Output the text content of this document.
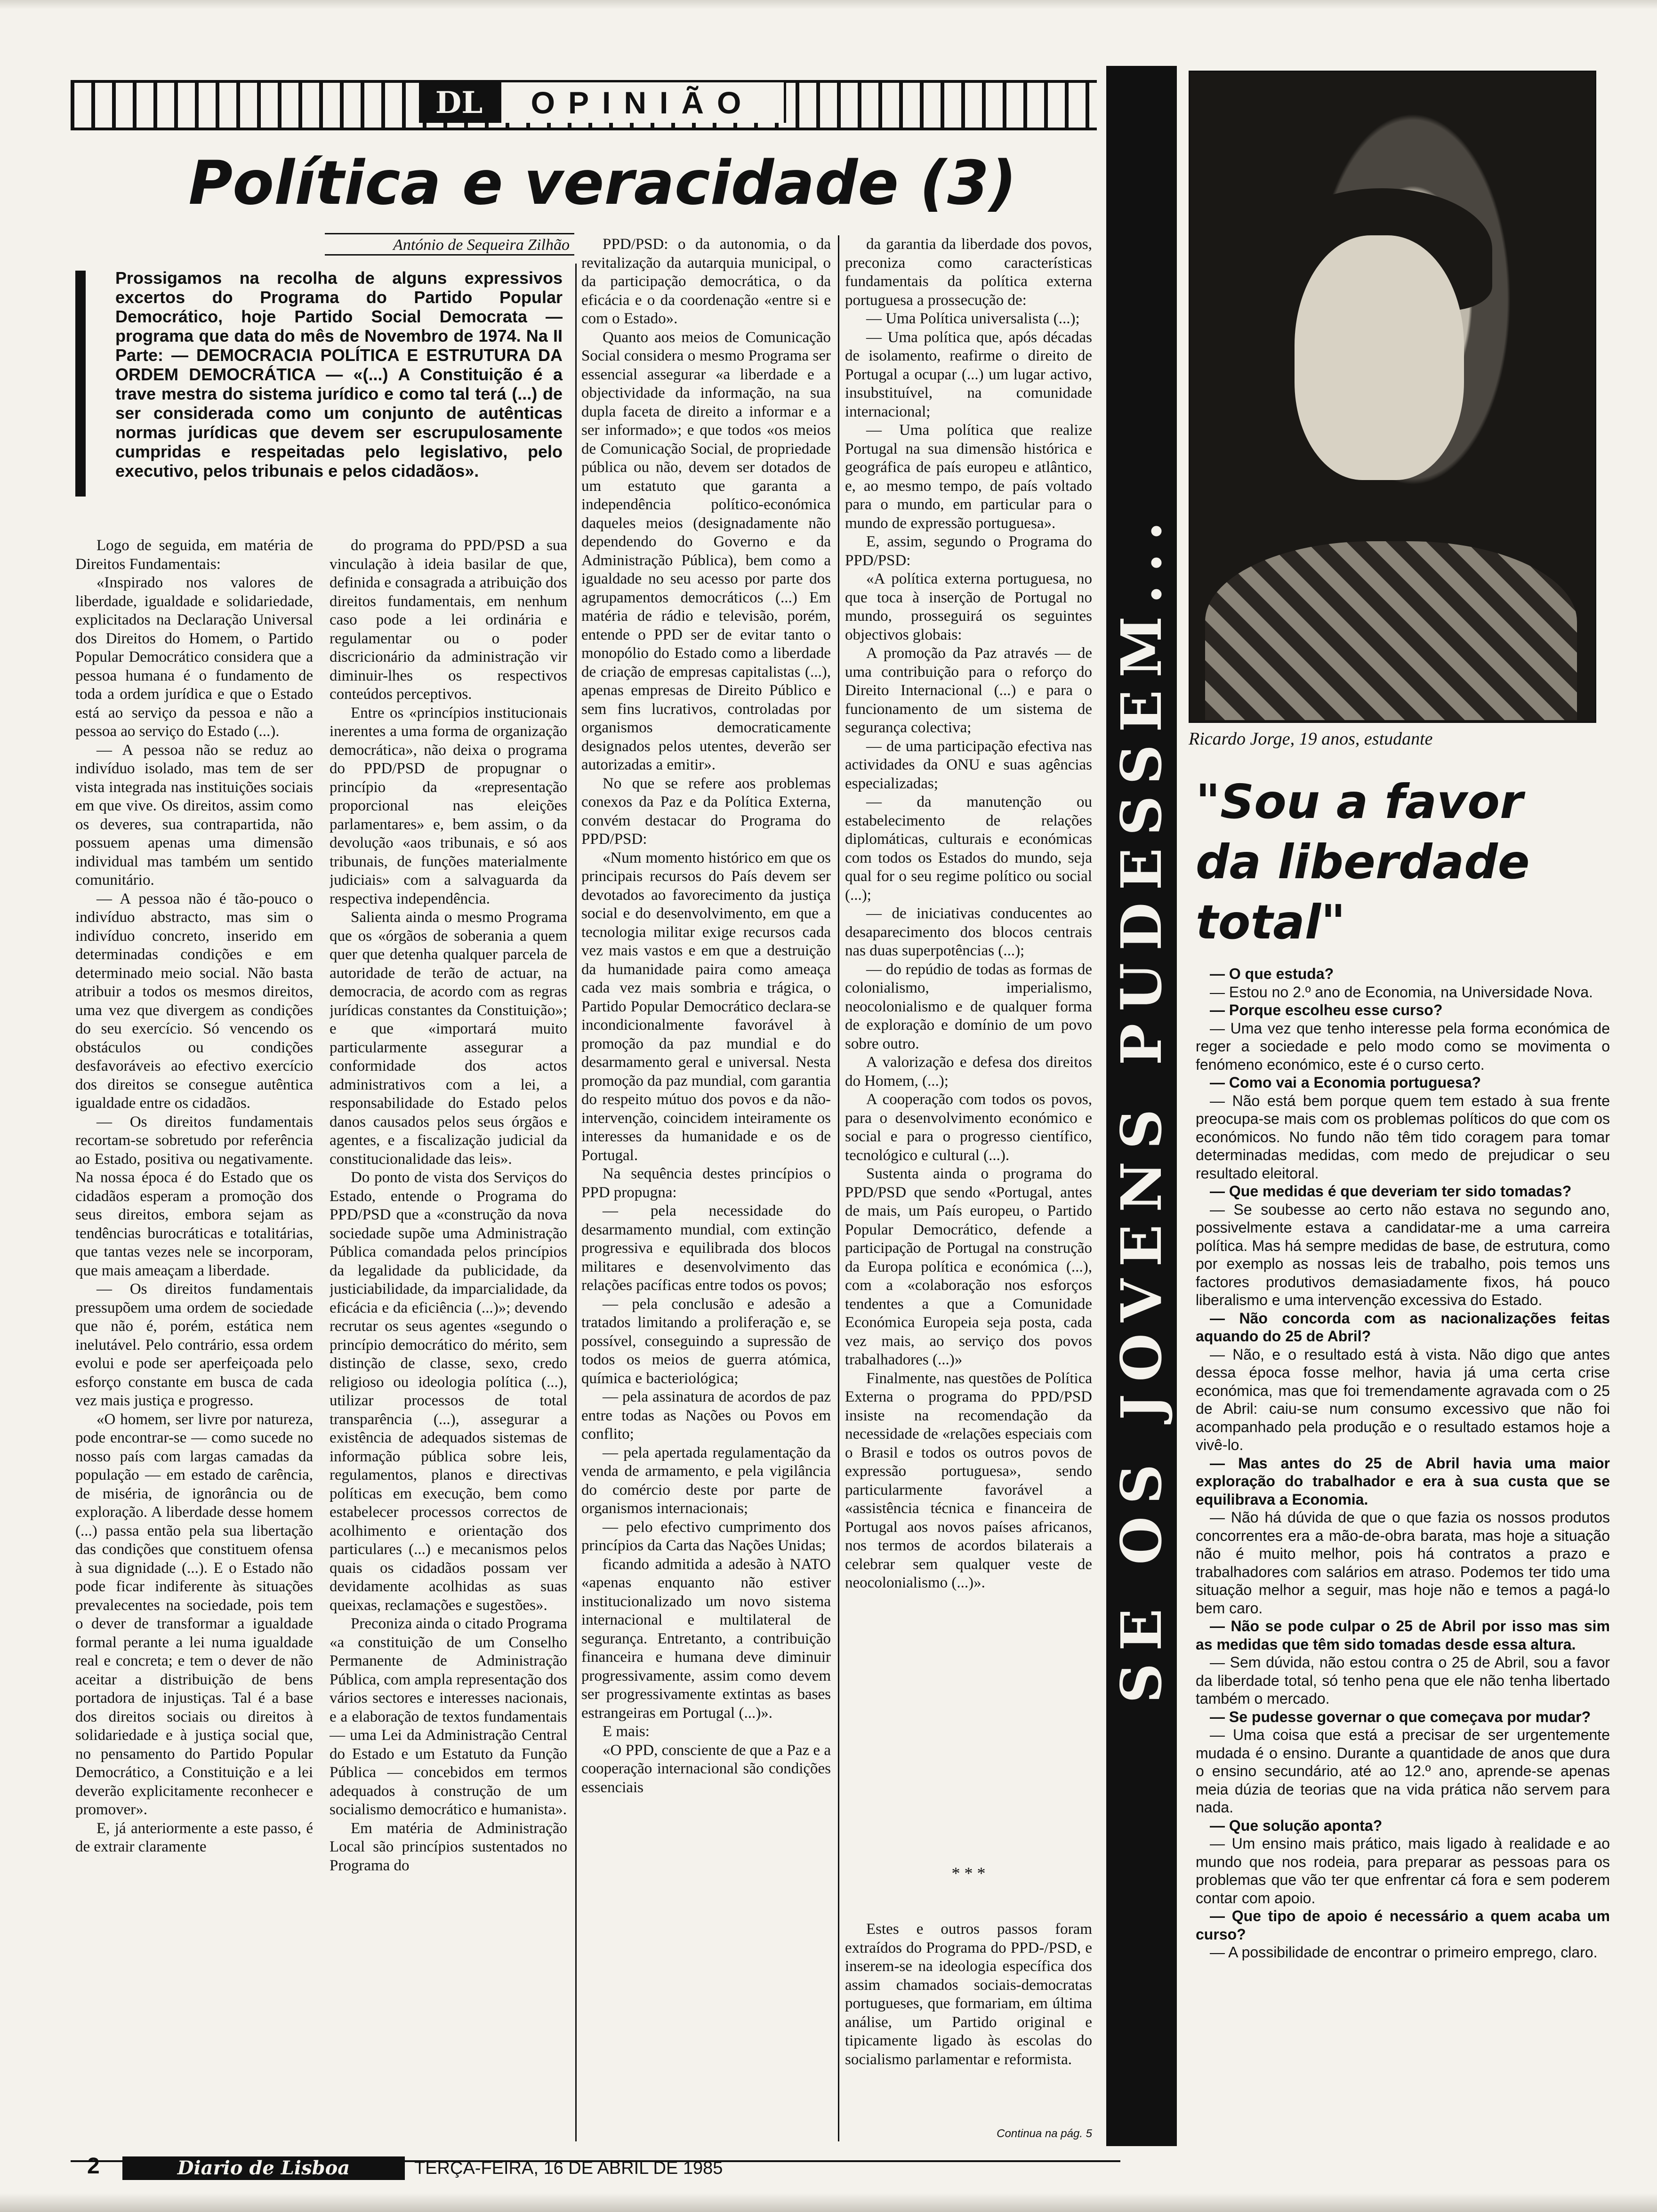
DL	OPINIÃO
Política e veracidade (3)
António de Sequeira Zilhão

Prossigamos na recolha de alguns expressivos excertos do Programa do Partido Popular Democrático, hoje Partido Social Democrata — programa que data do mês de Novembro de 1974. Na II Parte: — DEMOCRACIA POLÍTICA E ESTRUTURA DA ORDEM DEMOCRÁTICA — «(...) A Constituição é a trave mestra do sistema jurídico e como tal terá (...) de ser considerada como um conjunto de autênticas normas jurídicas que devem ser escrupulosamente cumpridas e respeitadas pelo legislativo, pelo executivo, pelos tribunais e pelos cidadãos».

Logo de seguida, em matéria de Direitos Fundamentais:

«Inspirado nos valores de liberdade, igualdade e solidariedade, explicitados na Declaração Universal dos Direitos do Homem, o Partido Popular Democrático considera que a pessoa humana é o fundamento de toda a ordem jurídica e que o Estado está ao serviço da pessoa e não a pessoa ao serviço do Estado (...).

— A pessoa não se reduz ao indivíduo isolado, mas tem de ser vista integrada nas instituições sociais em que vive. Os direitos, assim como os deveres, sua contrapartida, não possuem apenas uma dimensão individual mas também um sentido comunitário.

— A pessoa não é tão-pouco o indivíduo abstracto, mas sim o indivíduo concreto, inserido em determinadas condições e em determinado meio social. Não basta atribuir a todos os mesmos direitos, uma vez que divergem as condições do seu exercício. Só vencendo os obstáculos ou condições desfavoráveis ao efectivo exercício dos direitos se consegue autêntica igualdade entre os cidadãos.

— Os direitos fundamentais recortam-se sobretudo por referência ao Estado, positiva ou negativamente. Na nossa época é do Estado que os cidadãos esperam a promoção dos seus direitos, embora sejam as tendências burocráticas e totalitárias, que tantas vezes nele se incorporam, que mais ameaçam a liberdade.

— Os direitos fundamentais pressupõem uma ordem de sociedade que não é, porém, estática nem inelutável. Pelo contrário, essa ordem evolui e pode ser aperfeiçoada pelo esforço constante em busca de cada vez mais justiça e progresso.

«O homem, ser livre por natureza, pode encontrar-se — como sucede no nosso país com largas camadas da população — em estado de carência, de miséria, de ignorância ou de exploração. A liberdade desse homem (...) passa então pela sua libertação das condições que constituem ofensa à sua dignidade (...). E o Estado não pode ficar indiferente às situações prevalecentes na sociedade, pois tem o dever de transformar a igualdade formal perante a lei numa igualdade real e concreta; e tem o dever de não aceitar a distribuição de bens portadora de injustiças. Tal é a base dos direitos sociais ou direitos à solidariedade e à justiça social que, no pensamento do Partido Popular Democrático, a Constituição e a lei deverão explicitamente reconhecer e promover».

E, já anteriormente a este passo, é de extrair claramente

do programa do PPD/PSD a sua vinculação à ideia basilar de que, definida e consagrada a atribuição dos direitos fundamentais, em nenhum caso pode a lei ordinária e regulamentar ou o poder discricionário da administração vir diminuir-lhes os respectivos conteúdos perceptivos.

Entre os «princípios institucionais inerentes a uma forma de organização democrática», não deixa o programa do PPD/PSD de propugnar o princípio da «representação proporcional nas eleições parlamentares» e, bem assim, o da devolução «aos tribunais, e só aos tribunais, de funções materialmente judiciais» com a salvaguarda da respectiva independência.

Salienta ainda o mesmo Programa que os «órgãos de soberania a quem quer que detenha qualquer parcela de autoridade de terão de actuar, na democracia, de acordo com as regras jurídicas constantes da Constituição»; e que «importará muito particularmente assegurar a conformidade dos actos administrativos com a lei, a responsabilidade do Estado pelos danos causados pelos seus órgãos e agentes, e a fiscalização judicial da constitucionalidade das leis».

Do ponto de vista dos Serviços do Estado, entende o Programa do PPD/PSD que a «construção da nova sociedade supõe uma Administração Pública comandada pelos princípios da legalidade da publicidade, da justiciabilidade, da imparcialidade, da eficácia e da eficiência (...)»; devendo recrutar os seus agentes «segundo o princípio democrático do mérito, sem distinção de classe, sexo, credo religioso ou ideologia política (...), utilizar processos de total transparência (...), assegurar a existência de adequados sistemas de informação pública sobre leis, regulamentos, planos e directivas políticas em execução, bem como estabelecer processos correctos de acolhimento e orientação dos particulares (...) e mecanismos pelos quais os cidadãos possam ver devidamente acolhidas as suas queixas, reclamações e sugestões».

Preconiza ainda o citado Programa «a constituição de um Conselho Permanente de Administração Pública, com ampla representação dos vários sectores e interesses nacionais, e a elaboração de textos fundamentais — uma Lei da Administração Central do Estado e um Estatuto da Função Pública — concebidos em termos adequados à construção de um socialismo democrático e humanista».

Em matéria de Administração Local são princípios sustentados no Programa do

PPD/PSD: o da autonomia, o da revitalização da autarquia municipal, o da participação democrática, o da eficácia e o da coordenação «entre si e com o Estado».

Quanto aos meios de Comunicação Social considera o mesmo Programa ser essencial assegurar «a liberdade e a objectividade da informação, na sua dupla faceta de direito a informar e a ser informado»; e que todos «os meios de Comunicação Social, de propriedade pública ou não, devem ser dotados de um estatuto que garanta a independência político-económica daqueles meios (designadamente não dependendo do Governo e da Administração Pública), bem como a igualdade no seu acesso por parte dos agrupamentos democráticos (...) Em matéria de rádio e televisão, porém, entende o PPD ser de evitar tanto o monopólio do Estado como a liberdade de criação de empresas capitalistas (...), apenas empresas de Direito Público e sem fins lucrativos, controladas por organismos democraticamente designados pelos utentes, deverão ser autorizadas a emitir».

No que se refere aos problemas conexos da Paz e da Política Externa, convém destacar do Programa do PPD/PSD:

«Num momento histórico em que os principais recursos do País devem ser devotados ao favorecimento da justiça social e do desenvolvimento, em que a tecnologia militar exige recursos cada vez mais vastos e em que a destruição da humanidade paira como ameaça cada vez mais sombria e trágica, o Partido Popular Democrático declara-se incondicionalmente favorável à promoção da paz mundial e do desarmamento geral e universal. Nesta promoção da paz mundial, com garantia do respeito mútuo dos povos e da não-intervenção, coincidem inteiramente os interesses da humanidade e os de Portugal.

Na sequência destes princípios o PPD propugna:

— pela necessidade do desarmamento mundial, com extinção progressiva e equilibrada dos blocos militares e desenvolvimento das relações pacíficas entre todos os povos;

— pela conclusão e adesão a tratados limitando a proliferação e, se possível, conseguindo a supressão de todos os meios de guerra atómica, química e bacteriológica;

— pela assinatura de acordos de paz entre todas as Nações ou Povos em conflito;

— pela apertada regulamentação da venda de armamento, e pela vigilância do comércio deste por parte de organismos internacionais;

— pelo efectivo cumprimento dos princípios da Carta das Nações Unidas;

ficando admitida a adesão à NATO «apenas enquanto não estiver institucionalizado um novo sistema internacional e multilateral de segurança. Entretanto, a contribuição financeira e humana deve diminuir progressivamente, assim como devem ser progressivamente extintas as bases estrangeiras em Portugal (...)».

E mais:

«O PPD, consciente de que a Paz e a cooperação internacional são condições essenciais

da garantia da liberdade dos povos, preconiza como características fundamentais da política externa portuguesa a prossecução de:

— Uma Política universalista (...);

— Uma política que, após décadas de isolamento, reafirme o direito de Portugal a ocupar (...) um lugar activo, insubstituível, na comunidade internacional;

— Uma política que realize Portugal na sua dimensão histórica e geográfica de país europeu e atlântico, e, ao mesmo tempo, de país voltado para o mundo, em particular para o mundo de expressão portuguesa».

E, assim, segundo o Programa do PPD/PSD:

«A política externa portuguesa, no que toca à inserção de Portugal no mundo, prosseguirá os seguintes objectivos globais:

A promoção da Paz através — de uma contribuição para o reforço do Direito Internacional (...) e para o funcionamento de um sistema de segurança colectiva;

— de uma participação efectiva nas actividades da ONU e suas agências especializadas;

— da manutenção ou estabelecimento de relações diplomáticas, culturais e económicas com todos os Estados do mundo, seja qual for o seu regime político ou social (...);

— de iniciativas conducentes ao desaparecimento dos blocos centrais nas duas superpotências (...);

— do repúdio de todas as formas de colonialismo, imperialismo, neocolonialismo e de qualquer forma de exploração e domínio de um povo sobre outro.

A valorização e defesa dos direitos do Homem, (...);

A cooperação com todos os povos, para o desenvolvimento económico e social e para o progresso científico, tecnológico e cultural (...).

Sustenta ainda o programa do PPD/PSD que sendo «Portugal, antes de mais, um País europeu, o Partido Popular Democrático, defende a participação de Portugal na construção da Europa política e económica (...), com a «colaboração nos esforços tendentes a que a Comunidade Económica Europeia seja posta, cada vez mais, ao serviço dos povos trabalhadores (...)»

Finalmente, nas questões de Política Externa o programa do PPD/PSD insiste na recomendação da necessidade de «relações especiais com o Brasil e todos os outros povos de expressão portuguesa», sendo particularmente favorável a «assistência técnica e financeira de Portugal aos novos países africanos, nos termos de acordos bilaterais a celebrar sem qualquer veste de neocolonialismo (...)».

* * *

Estes e outros passos foram extraídos do Programa do PPD-/PSD, e inserem-se na ideologia específica dos assim chamados sociais-democratas portugueses, que formariam, em última análise, um Partido original e tipicamente ligado às escolas do socialismo parlamentar e reformista.

Continua na pág. 5
SE OS JOVENS PUDESSEM... Ricardo Jorge, 19 anos, estudante
"Sou a favor da liberdade total"

— O que estuda?

— Estou no 2.º ano de Economia, na Universidade Nova.

— Porque escolheu esse curso?

— Uma vez que tenho interesse pela forma económica de reger a sociedade e pelo modo como se movimenta o fenómeno económico, este é o curso certo.

— Como vai a Economia portuguesa?

— Não está bem porque quem tem estado à sua frente preocupa-se mais com os problemas políticos do que com os económicos. No fundo não têm tido coragem para tomar determinadas medidas, com medo de prejudicar o seu resultado eleitoral.

— Que medidas é que deveriam ter sido tomadas?

— Se soubesse ao certo não estava no segundo ano, possivelmente estava a candidatar-me a uma carreira política. Mas há sempre medidas de base, de estrutura, como por exemplo as nossas leis de trabalho, pois temos uns factores produtivos demasiadamente fixos, há pouco liberalismo e uma intervenção excessiva do Estado.

— Não concorda com as nacionalizações feitas aquando do 25 de Abril?

— Não, e o resultado está à vista. Não digo que antes dessa época fosse melhor, havia já uma certa crise económica, mas que foi tremendamente agravada com o 25 de Abril: caiu-se num consumo excessivo que não foi acompanhado pela produção e o resultado estamos hoje a vivê-lo.

— Mas antes do 25 de Abril havia uma maior exploração do trabalhador e era à sua custa que se equilibrava a Economia.

— Não há dúvida de que o que fazia os nossos produtos concorrentes era a mão-de-obra barata, mas hoje a situação não é muito melhor, pois há contratos a prazo e trabalhadores com salários em atraso. Podemos ter tido uma situação melhor a seguir, mas hoje não e temos a pagá-lo bem caro.

— Não se pode culpar o 25 de Abril por isso mas sim as medidas que têm sido tomadas desde essa altura.

— Sem dúvida, não estou contra o 25 de Abril, sou a favor da liberdade total, só tenho pena que ele não tenha libertado também o mercado.

— Se pudesse governar o que começava por mudar?

— Uma coisa que está a precisar de ser urgentemente mudada é o ensino. Durante a quantidade de anos que dura o ensino secundário, até ao 12.º ano, aprende-se apenas meia dúzia de teorias que na vida prática não servem para nada.

— Que solução aponta?

— Um ensino mais prático, mais ligado à realidade e ao mundo que nos rodeia, para preparar as pessoas para os problemas que vão ter que enfrentar cá fora e sem poderem contar com apoio.

— Que tipo de apoio é necessário a quem acaba um curso?

— A possibilidade de encontrar o primeiro emprego, claro.

2	Diario de Lisboa	TERÇA-FEIRA, 16 DE ABRIL DE 1985
